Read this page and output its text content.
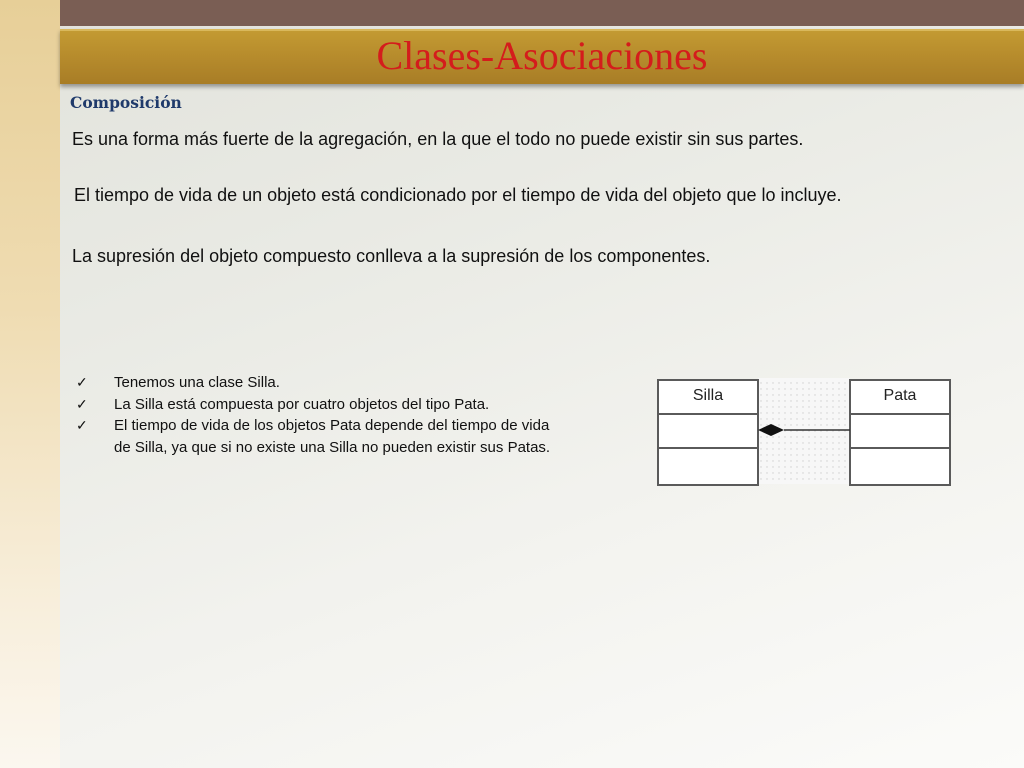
Clases-Asociaciones
Composición
Es una forma más fuerte de la agregación, en la que el todo no puede existir sin sus partes.
El tiempo de vida de un objeto está condicionado por el tiempo de vida del objeto que lo incluye.
La supresión del objeto compuesto conlleva a la supresión de los componentes.
✓ Tenemos una clase Silla.
✓ La Silla está compuesta por cuatro objetos del tipo Pata.
✓ El tiempo de vida de los objetos Pata depende del tiempo de vida de Silla, ya que si no existe una Silla no pueden existir sus Patas.
Silla	Pata
